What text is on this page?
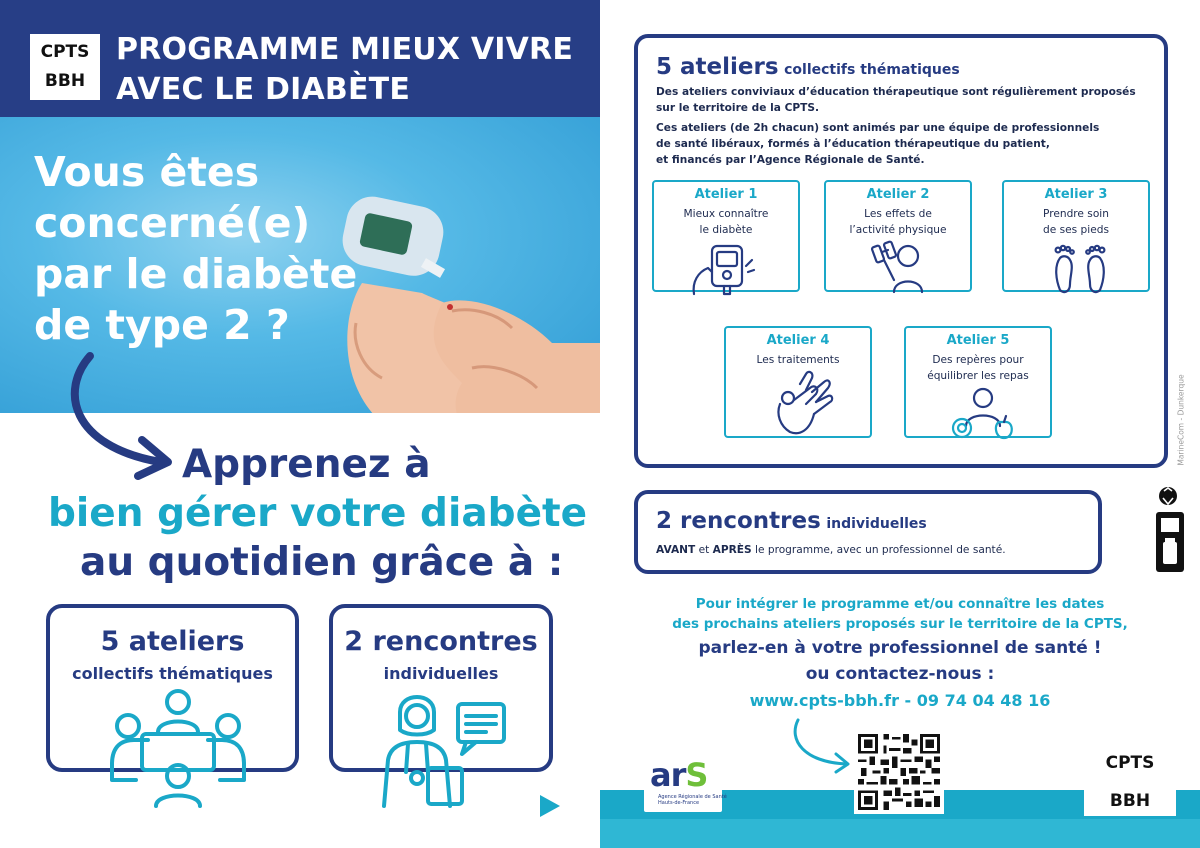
CPTS
BBH
PROGRAMME MIEUX VIVRE
AVEC LE DIABÈTE
Vous êtes
concerné(e)
par le diabète
de type 2 ?
Apprenez à
bien gérer votre diabète
au quotidien grâce à :
5 ateliers
collectifs thématiques
2 rencontres
individuelles
5 ateliers collectifs thématiques
Des ateliers conviviaux d’éducation thérapeutique sont régulièrement proposés
sur le territoire de la CPTS.
Ces ateliers (de 2h chacun) sont animés par une équipe de professionnels
de santé libéraux, formés à l’éducation thérapeutique du patient,
et financés par l’Agence Régionale de Santé.
Atelier 1
Mieux connaître
le diabète
Atelier 2
Les effets de
l’activité physique
Atelier 3
Prendre soin
de ses pieds
Atelier 4
Les traitements
Atelier 5
Des repères pour
équilibrer les repas
2 rencontres individuelles
AVANT et APRÈS le programme, avec un professionnel de santé.
Pour intégrer le programme et/ou connaître les dates
des prochains ateliers proposés sur le territoire de la CPTS,
parlez-en à votre professionnel de santé !
ou contactez-nous :
www.cpts-bbh.fr - 09 74 04 48 16
arS
Agence Régionale de Santé
Hauts-de-France
CPTS
BBH
MarineCom - Dunkerque
